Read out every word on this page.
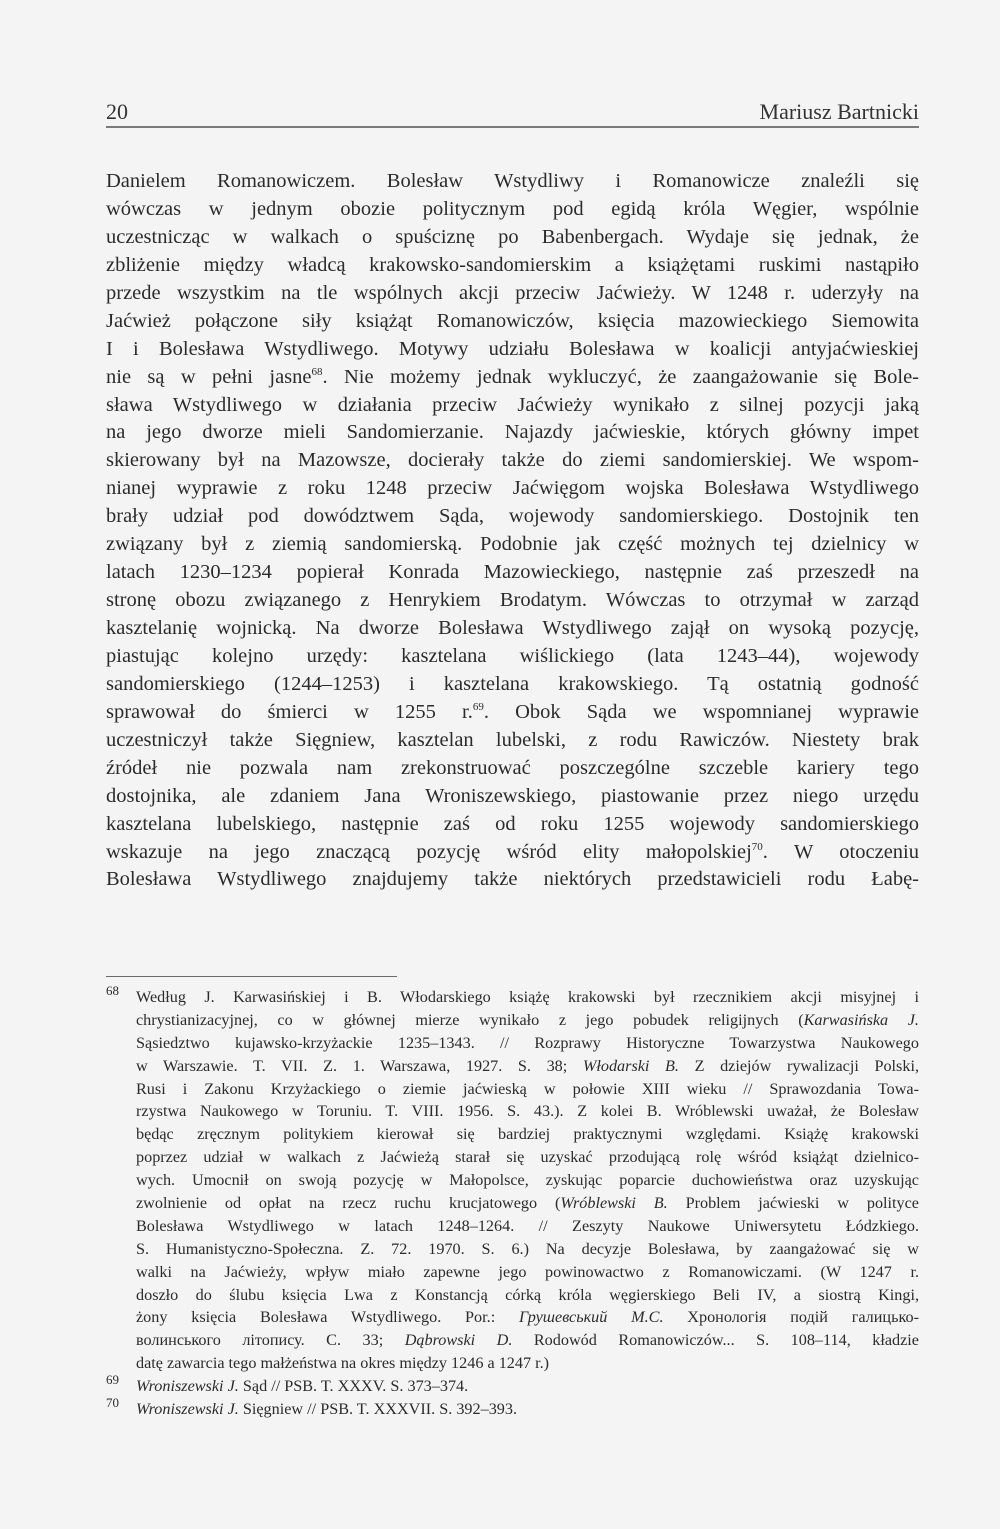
20	Mariusz Bartnicki
Danielem Romanowiczem. Bolesław Wstydliwy i Romanowicze znaleźli się
wówczas w jednym obozie politycznym pod egidą króla Węgier, wspólnie
uczestnicząc w walkach o spuściznę po Babenbergach. Wydaje się jednak, że
zbliżenie między władcą krakowsko-sandomierskim a książętami ruskimi nastąpiło
przede wszystkim na tle wspólnych akcji przeciw Jaćwieży. W 1248 r. uderzyły na
Jaćwież połączone siły książąt Romanowiczów, księcia mazowieckiego Siemowita
I i Bolesława Wstydliwego. Motywy udziału Bolesława w koalicji antyjaćwieskiej
nie są w pełni jasne$^{68}$. Nie możemy jednak wykluczyć, że zaangażowanie się Bole-
sława Wstydliwego w działania przeciw Jaćwieży wynikało z silnej pozycji jaką
na jego dworze mieli Sandomierzanie. Najazdy jaćwieskie, których główny impet
skierowany był na Mazowsze, docierały także do ziemi sandomierskiej. We wspom-
nianej wyprawie z roku 1248 przeciw Jaćwięgom wojska Bolesława Wstydliwego
brały udział pod dowództwem Sąda, wojewody sandomierskiego. Dostojnik ten
związany był z ziemią sandomierską. Podobnie jak część możnych tej dzielnicy w
latach 1230–1234 popierał Konrada Mazowieckiego, następnie zaś przeszedł na
stronę obozu związanego z Henrykiem Brodatym. Wówczas to otrzymał w zarząd
kasztelanię wojnicką. Na dworze Bolesława Wstydliwego zajął on wysoką pozycję,
piastując kolejno urzędy: kasztelana wiślickiego (lata 1243–44), wojewody
sandomierskiego (1244–1253) i kasztelana krakowskiego. Tą ostatnią godność
sprawował do śmierci w 1255 r.$^{69}$. Obok Sąda we wspomnianej wyprawie
uczestniczył także Sięgniew, kasztelan lubelski, z rodu Rawiczów. Niestety brak
źródeł nie pozwala nam zrekonstruować poszczególne szczeble kariery tego
dostojnika, ale zdaniem Jana Wroniszewskiego, piastowanie przez niego urzędu
kasztelana lubelskiego, następnie zaś od roku 1255 wojewody sandomierskiego
wskazuje na jego znaczącą pozycję wśród elity małopolskiej$^{70}$. W otoczeniu
Bolesława Wstydliwego znajdujemy także niektórych przedstawicieli rodu Łabę-
68	Według J. Karwasińskiej i B. Włodarskiego książę krakowski był rzecznikiem akcji misyjnej i
chrystianizacyjnej, co w głównej mierze wynikało z jego pobudek religijnych (Karwasińska J.
Sąsiedztwo kujawsko-krzyżackie 1235–1343. // Rozprawy Historyczne Towarzystwa Naukowego
w Warszawie. T. VII. Z. 1. Warszawa, 1927. S. 38; Włodarski B. Z dziejów rywalizacji Polski,
Rusi i Zakonu Krzyżackiego o ziemie jaćwieską w połowie XIII wieku // Sprawozdania Towa-
rzystwa Naukowego w Toruniu. T. VIII. 1956. S. 43.). Z kolei B. Wróblewski uważał, że Bolesław
będąc zręcznym politykiem kierował się bardziej praktycznymi względami. Książę krakowski
poprzez udział w walkach z Jaćwieżą starał się uzyskać przodującą rolę wśród książąt dzielnico-
wych. Umocnił on swoją pozycję w Małopolsce, zyskując poparcie duchowieństwa oraz uzyskując
zwolnienie od opłat na rzecz ruchu krucjatowego (Wróblewski B. Problem jaćwieski w polityce
Bolesława Wstydliwego w latach 1248–1264. // Zeszyty Naukowe Uniwersytetu Łódzkiego.
S. Humanistyczno-Społeczna. Z. 72. 1970. S. 6.) Na decyzje Bolesława, by zaangażować się w
walki na Jaćwieży, wpływ miało zapewne jego powinowactwo z Romanowiczami. (W 1247 r.
doszło do ślubu księcia Lwa z Konstancją córką króla węgierskiego Beli IV, a siostrą Kingi,
żony księcia Bolesława Wstydliwego. Por.: Грушевський М.С. Хронологія подій галицько-
волинського літопису. С. 33; Dąbrowski D. Rodowód Romanowiczów... S. 108–114, kładzie
datę zawarcia tego małżeństwa na okres między 1246 a 1247 r.)
69	Wroniszewski J. Sąd // PSB. T. XXXV. S. 373–374.
70	Wroniszewski J. Sięgniew // PSB. T. XXXVII. S. 392–393.
